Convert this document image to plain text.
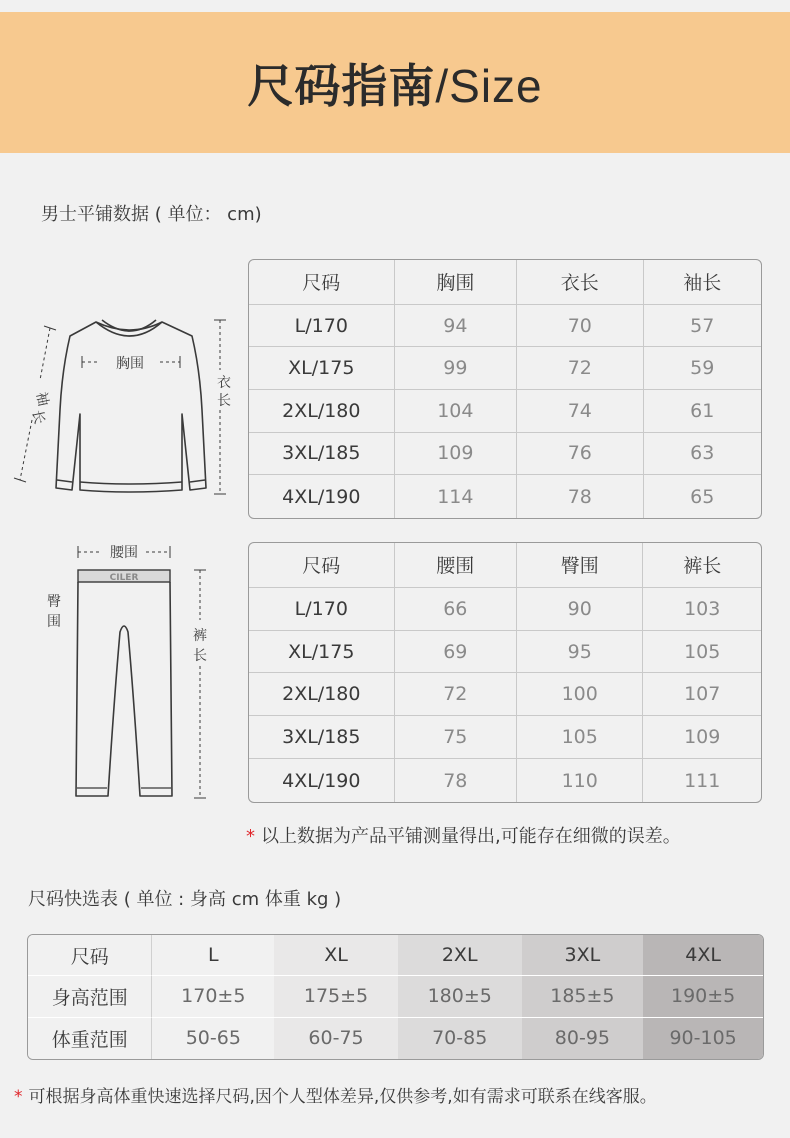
尺码指南/Size
男士平铺数据 ( 单位： cm)
胸围
衣
长
袖
长
尺码	胸围	衣长	袖长
L/170	94	70	57
XL/175	99	72	59
2XL/180	104	74	61
3XL/185	109	76	63
4XL/190	114	78	65
CILER
腰围
臀
围
裤
长
尺码	腰围	臀围	裤长
L/170	66	90	103
XL/175	69	95	105
2XL/180	72	100	107
3XL/185	75	105	109
4XL/190	78	110	111
* 以上数据为产品平铺测量得出,可能存在细微的误差。
尺码快选表 ( 单位 : 身高 cm 体重 kg )
尺码	L	XL	2XL	3XL	4XL
身高范围	170±5	175±5	180±5	185±5	190±5
体重范围	50-65	60-75	70-85	80-95	90-105
* 可根据身高体重快速选择尺码,因个人型体差异,仅供参考,如有需求可联系在线客服。
